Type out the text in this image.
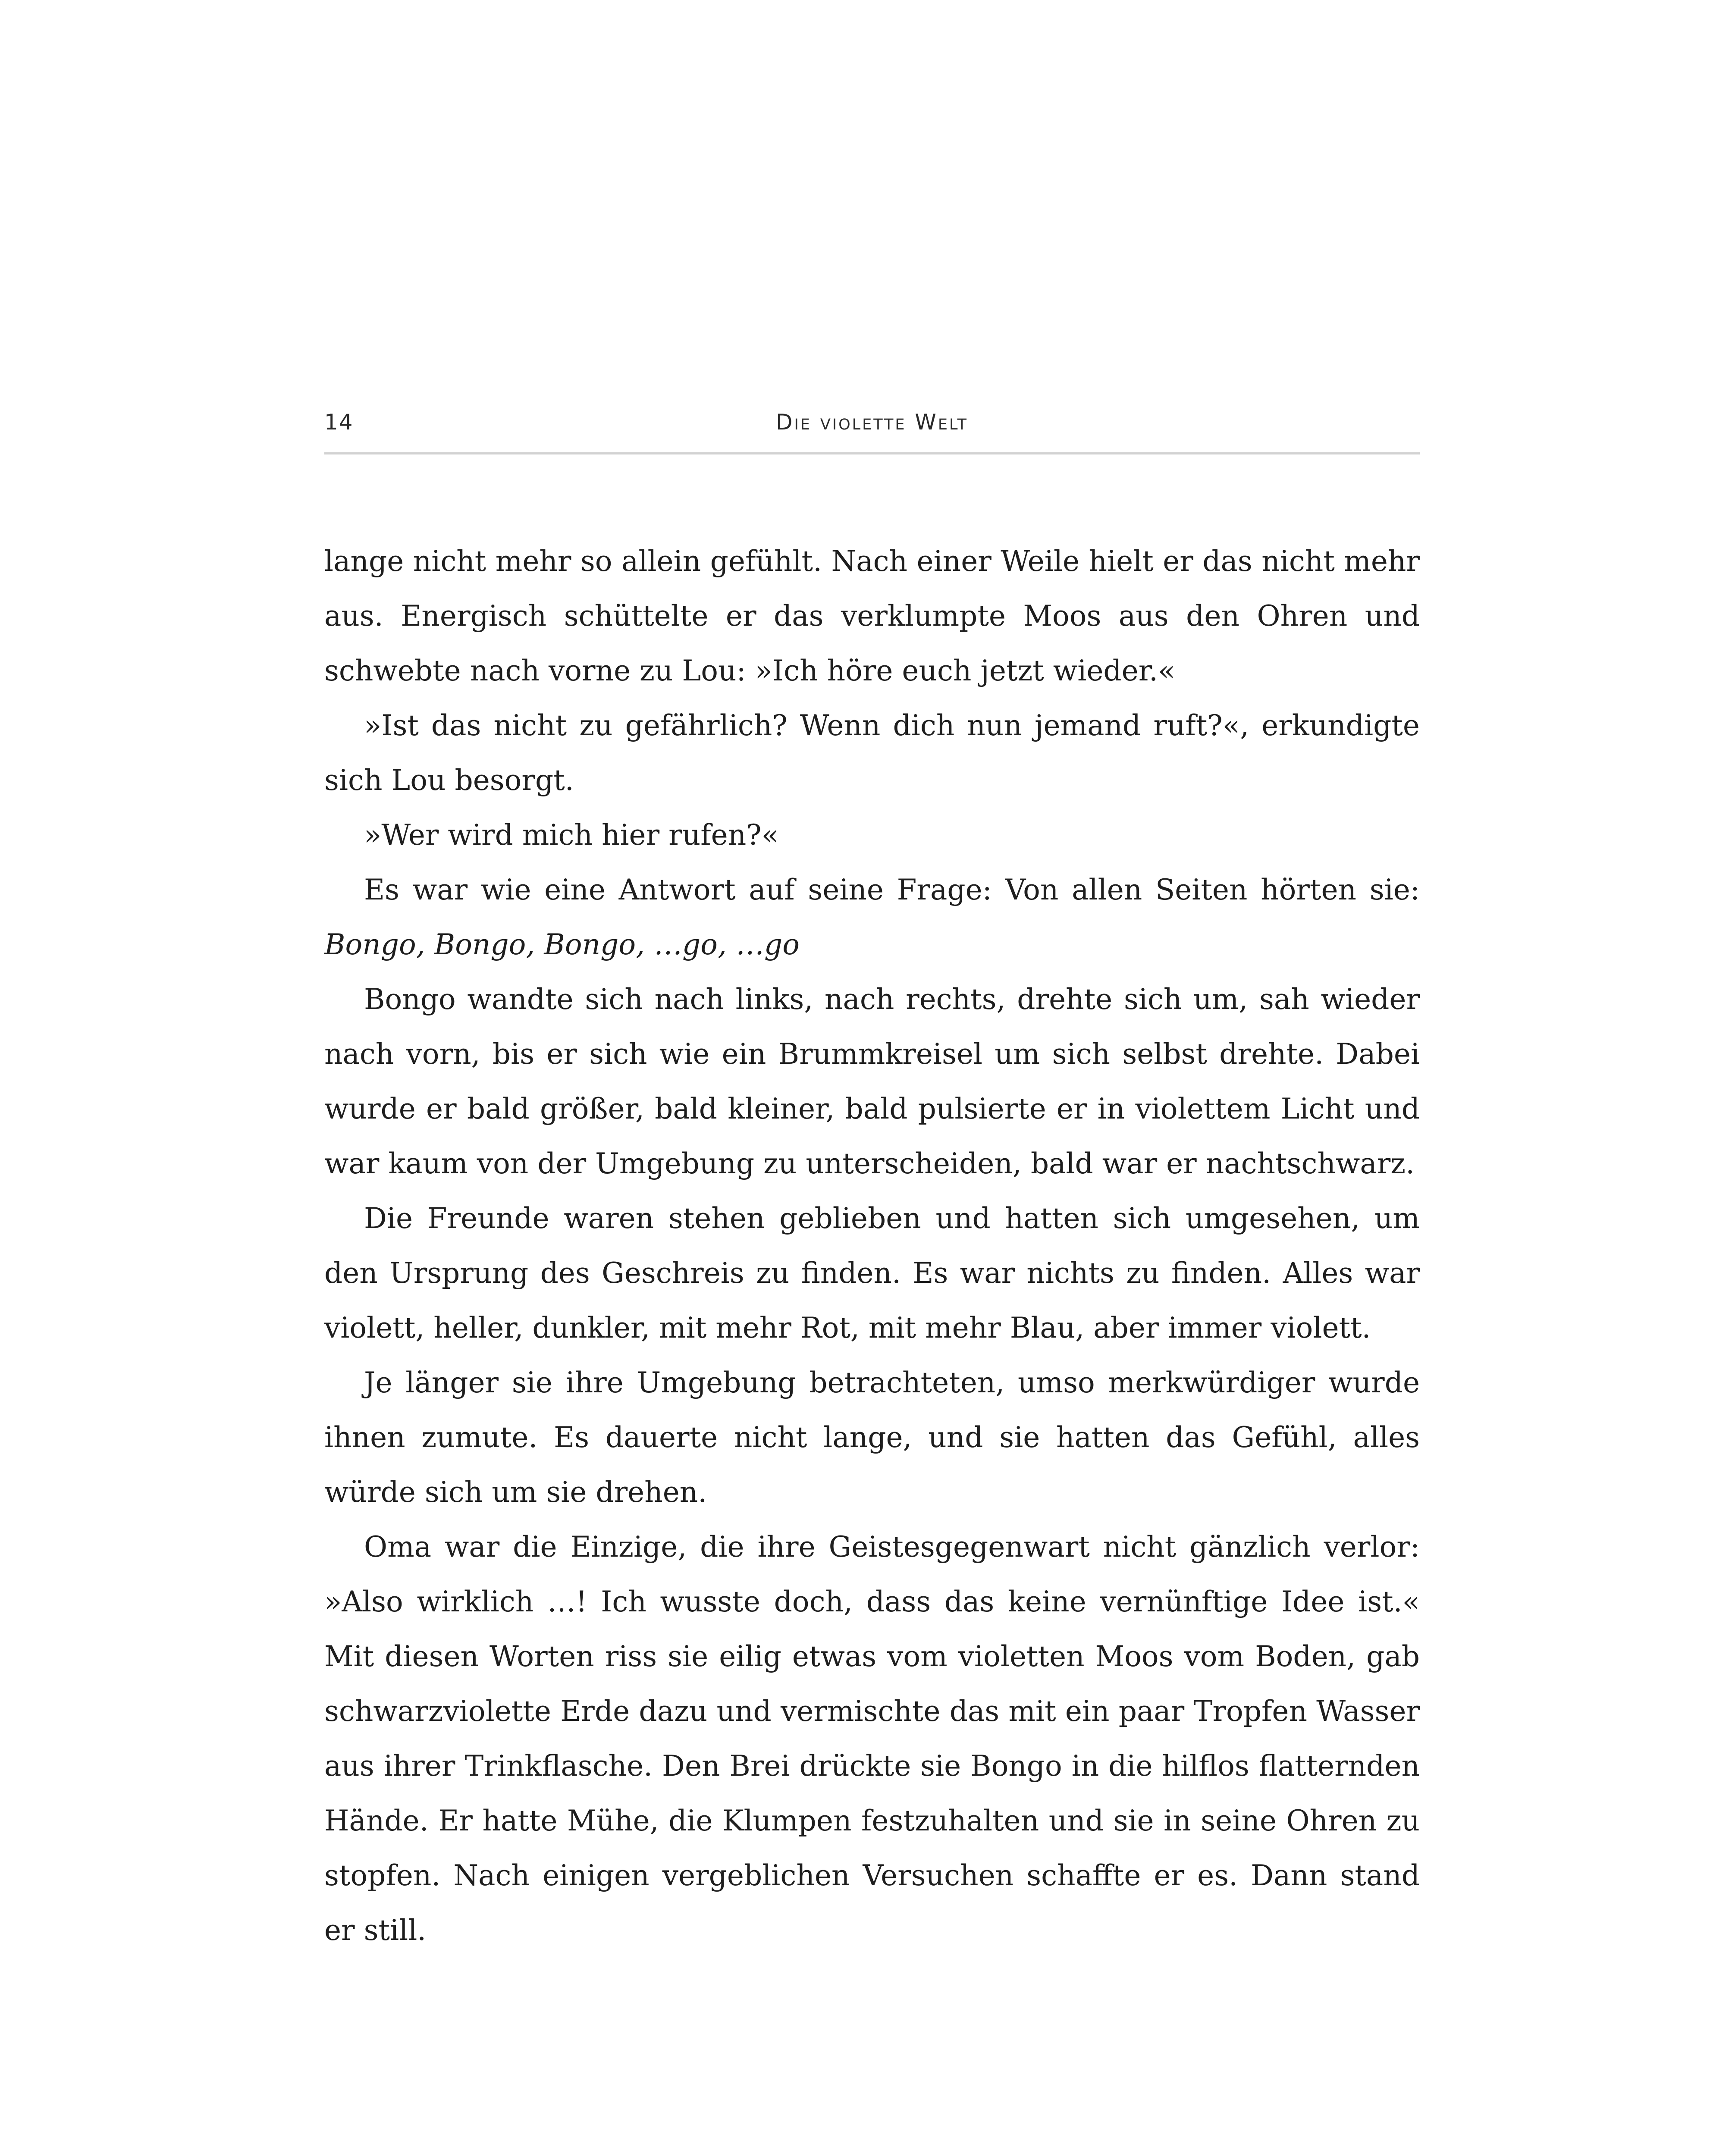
14	Die violette Welt

lange nicht mehr so allein gefühlt. Nach einer Weile hielt er das nicht mehr aus. Energisch schüttelte er das verklumpte Moos aus den Ohren und schwebte nach vorne zu Lou: »Ich höre euch jetzt wieder.«

»Ist das nicht zu gefährlich? Wenn dich nun jemand ruft?«, erkundigte sich Lou besorgt.

»Wer wird mich hier rufen?«

Es war wie eine Antwort auf seine Frage: Von allen Seiten hörten sie: Bongo, Bongo, Bongo, …go, …go

Bongo wandte sich nach links, nach rechts, drehte sich um, sah wieder nach vorn, bis er sich wie ein Brummkreisel um sich selbst drehte. Dabei wurde er bald größer, bald kleiner, bald pulsierte er in violettem Licht und war kaum von der Umgebung zu unterscheiden, bald war er nachtschwarz.

Die Freunde waren stehen geblieben und hatten sich umgesehen, um den Ursprung des Geschreis zu finden. Es war nichts zu finden. Alles war violett, heller, dunkler, mit mehr Rot, mit mehr Blau, aber immer violett.

Je länger sie ihre Umgebung betrachteten, umso merkwürdiger wurde ihnen zumute. Es dauerte nicht lange, und sie hatten das Gefühl, alles würde sich um sie drehen.

Oma war die Einzige, die ihre Geistesgegenwart nicht gänzlich verlor: »Also wirklich …! Ich wusste doch, dass das keine vernünftige Idee ist.« Mit diesen Worten riss sie eilig etwas vom violetten Moos vom Boden, gab schwarzviolette Erde dazu und vermischte das mit ein paar Tropfen Wasser aus ihrer Trinkflasche. Den Brei drückte sie Bongo in die hilflos flatternden Hände. Er hatte Mühe, die Klumpen festzuhalten und sie in seine Ohren zu stopfen. Nach einigen vergeblichen Versuchen schaffte er es. Dann stand er still.
